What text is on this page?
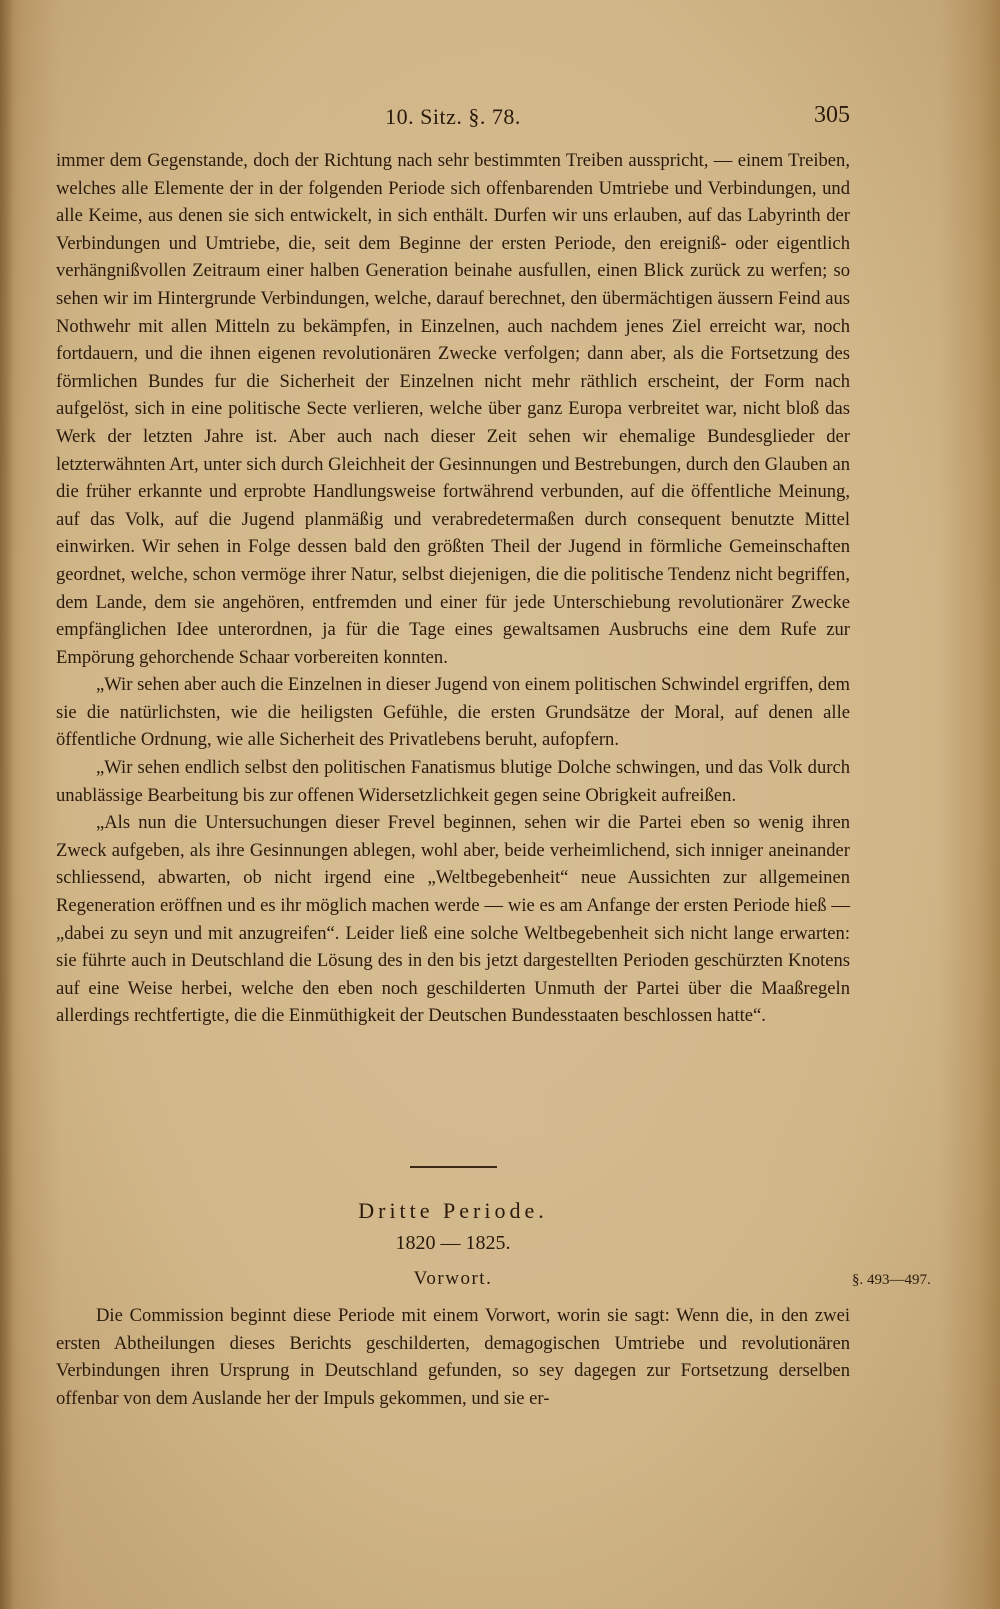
10. Sitz. §. 78.	305

immer dem Gegenstande, doch der Richtung nach sehr bestimmten Treiben ausspricht, — einem Treiben, welches alle Elemente der in der folgenden Periode sich offenbarenden Umtriebe und Verbindungen, und alle Keime, aus denen sie sich entwickelt, in sich enthält. Durfen wir uns erlauben, auf das Labyrinth der Verbindungen und Umtriebe, die, seit dem Beginne der ersten Periode, den ereigniß- oder eigentlich verhängnißvollen Zeitraum einer halben Generation beinahe ausfullen, einen Blick zurück zu werfen; so sehen wir im Hintergrunde Verbindungen, welche, darauf berechnet, den übermächtigen äussern Feind aus Nothwehr mit allen Mitteln zu bekämpfen, in Einzelnen, auch nachdem jenes Ziel erreicht war, noch fortdauern, und die ihnen eigenen revolutionären Zwecke verfolgen; dann aber, als die Fortsetzung des förmlichen Bundes fur die Sicherheit der Einzelnen nicht mehr räthlich erscheint, der Form nach aufgelöst, sich in eine politische Secte verlieren, welche über ganz Europa verbreitet war, nicht bloß das Werk der letzten Jahre ist. Aber auch nach dieser Zeit sehen wir ehemalige Bundesglieder der letzterwähnten Art, unter sich durch Gleichheit der Gesinnungen und Bestrebungen, durch den Glauben an die früher erkannte und erprobte Handlungsweise fortwährend verbunden, auf die öffentliche Meinung, auf das Volk, auf die Jugend planmäßig und verabredetermaßen durch consequent benutzte Mittel einwirken. Wir sehen in Folge dessen bald den größten Theil der Jugend in förmliche Gemeinschaften geordnet, welche, schon vermöge ihrer Natur, selbst diejenigen, die die politische Tendenz nicht begriffen, dem Lande, dem sie angehören, entfremden und einer für jede Unterschiebung revolutionärer Zwecke empfänglichen Idee unterordnen, ja für die Tage eines gewaltsamen Ausbruchs eine dem Rufe zur Empörung gehorchende Schaar vorbereiten konnten.

„Wir sehen aber auch die Einzelnen in dieser Jugend von einem politischen Schwindel ergriffen, dem sie die natürlichsten, wie die heiligsten Gefühle, die ersten Grundsätze der Moral, auf denen alle öffentliche Ordnung, wie alle Sicherheit des Privatlebens beruht, aufopfern.

„Wir sehen endlich selbst den politischen Fanatismus blutige Dolche schwingen, und das Volk durch unablässige Bearbeitung bis zur offenen Widersetzlichkeit gegen seine Obrigkeit aufreißen.

„Als nun die Untersuchungen dieser Frevel beginnen, sehen wir die Partei eben so wenig ihren Zweck aufgeben, als ihre Gesinnungen ablegen, wohl aber, beide verheimlichend, sich inniger aneinander schliessend, abwarten, ob nicht irgend eine „Weltbegebenheit“ neue Aussichten zur allgemeinen Regeneration eröffnen und es ihr möglich machen werde — wie es am Anfange der ersten Periode hieß — „dabei zu seyn und mit anzugreifen“. Leider ließ eine solche Weltbegebenheit sich nicht lange erwarten: sie führte auch in Deutschland die Lösung des in den bis jetzt dargestellten Perioden geschürzten Knotens auf eine Weise herbei, welche den eben noch geschilderten Unmuth der Partei über die Maaßregeln allerdings rechtfertigte, die die Einmüthigkeit der Deutschen Bundesstaaten beschlossen hatte“.

Dritte Periode.
1820 — 1825.
Vorwort.	§. 493—497.

Die Commission beginnt diese Periode mit einem Vorwort, worin sie sagt: Wenn die, in den zwei ersten Abtheilungen dieses Berichts geschilderten, demagogischen Umtriebe und revolutionären Verbindungen ihren Ursprung in Deutschland gefunden, so sey dagegen zur Fortsetzung derselben offenbar von dem Auslande her der Impuls gekommen, und sie er-
